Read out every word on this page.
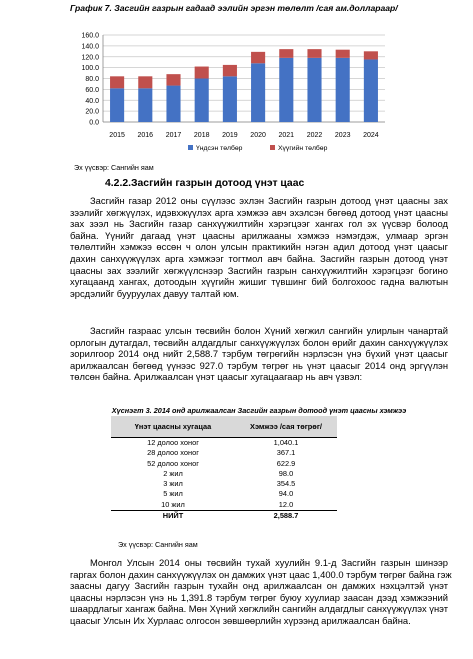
График 7. Засгийн газрын гадаад ээлийн эргэн төлөлт /сая ам.доллараар/
0.0
20.0
40.0
60.0
80.0
100.0
120.0
140.0
160.0
2015 2016 2017 2018 2019 2020 2021 2022 2023 2024
Үндсэн төлбөр	Хүүгийн төлбөр
Эх үүсвэр: Сангийн яам
4.2.2.Засгийн газрын дотоод үнэт цаас
Засгийн газар 2012 оны сүүлээс эхлэн Засгийн газрын дотоод үнэт цаасны зах
зээлийг хөгжүүлэх, идэвхжүүлэх арга хэмжээ авч эхэлсэн бөгөөд дотоод үнэт цаасны
зах зээл нь Засгийн газар санхүүжилтийн хэрэгцээг хангах гол эх үүсвэр болоод
байна. Үүнийг дагаад үнэт цаасны арилжааны хэмжээ нэмэгдэж, улмаар эргэн
төлөлтийн хэмжээ өссөн ч олон улсын практикийн нэгэн адил дотоод үнэт цаасыг
дахин санхүүжүүлэх арга хэмжээг тогтмол авч байна. Засгийн газрын дотоод үнэт
цаасны зах зээлийг хөгжүүлснээр Засгийн газрын санхүүжилтийн хэрэгцээг богино
хугацаанд хангах, дотоодын хүүгийн жишиг түвшинг бий болгохоос гадна валютын
эрсдэлийг бууруулах давуу талтай юм.
Засгийн газраас улсын төсвийн болон Хүний хөгжил сангийн улирлын чанартай
орлогын дутагдал, төсвийн алдагдлыг санхүүжүүлэх болон өрийг дахин санхүүжүүлэх
зорилгоор 2014 онд нийт 2,588.7 тэрбум төгрөгийн нэрлэсэн үнэ бүхий үнэт цаасыг
арилжаалсан бөгөөд үүнээс 927.0 тэрбум төгрөг нь үнэт цаасыг 2014 онд эргүүлэн
төлсөн байна. Арилжаалсан үнэт цаасыг хугацаагаар нь авч үзвэл:
Хүснэгт 3. 2014 онд арилжаалсан Засгийн газрын дотоод үнэт цаасны хэмжээ
Үнэт цаасны хугацаа	Хэмжээ /сая төгрөг/
12 долоо хоног	1,040.1
28 долоо хоног	367.1
52 долоо хоног	622.9
2 жил	98.0
3 жил	354.5
5 жил	94.0
10 жил	12.0
НИЙТ	2,588.7
Эх үүсвэр: Сангийн яам
Монгол Улсын 2014 оны төсвийн тухай хуулийн 9.1-д Засгийн газрын шинээр
гаргах болон дахин санхүүжүүлэх он дамжих үнэт цаас 1,400.0 тэрбум төгрөг байна гэж
заасны дагуу Засгийн газрын тухайн онд арилжаалсан он дамжих нэхцэлтэй үнэт
цаасны нэрлэсэн үнэ нь 1,391.8 тэрбум төгрөг буюу хуулиар заасан дээд хэмжээний
шаардлагыг хангаж байна. Мөн Хүний хөгжлийн сангийн алдагдлыг санхүүжүүлэх үнэт
цаасыг Улсын Их Хурлаас олгосон зөвшөөрлийн хүрээнд арилжаалсан байна.
